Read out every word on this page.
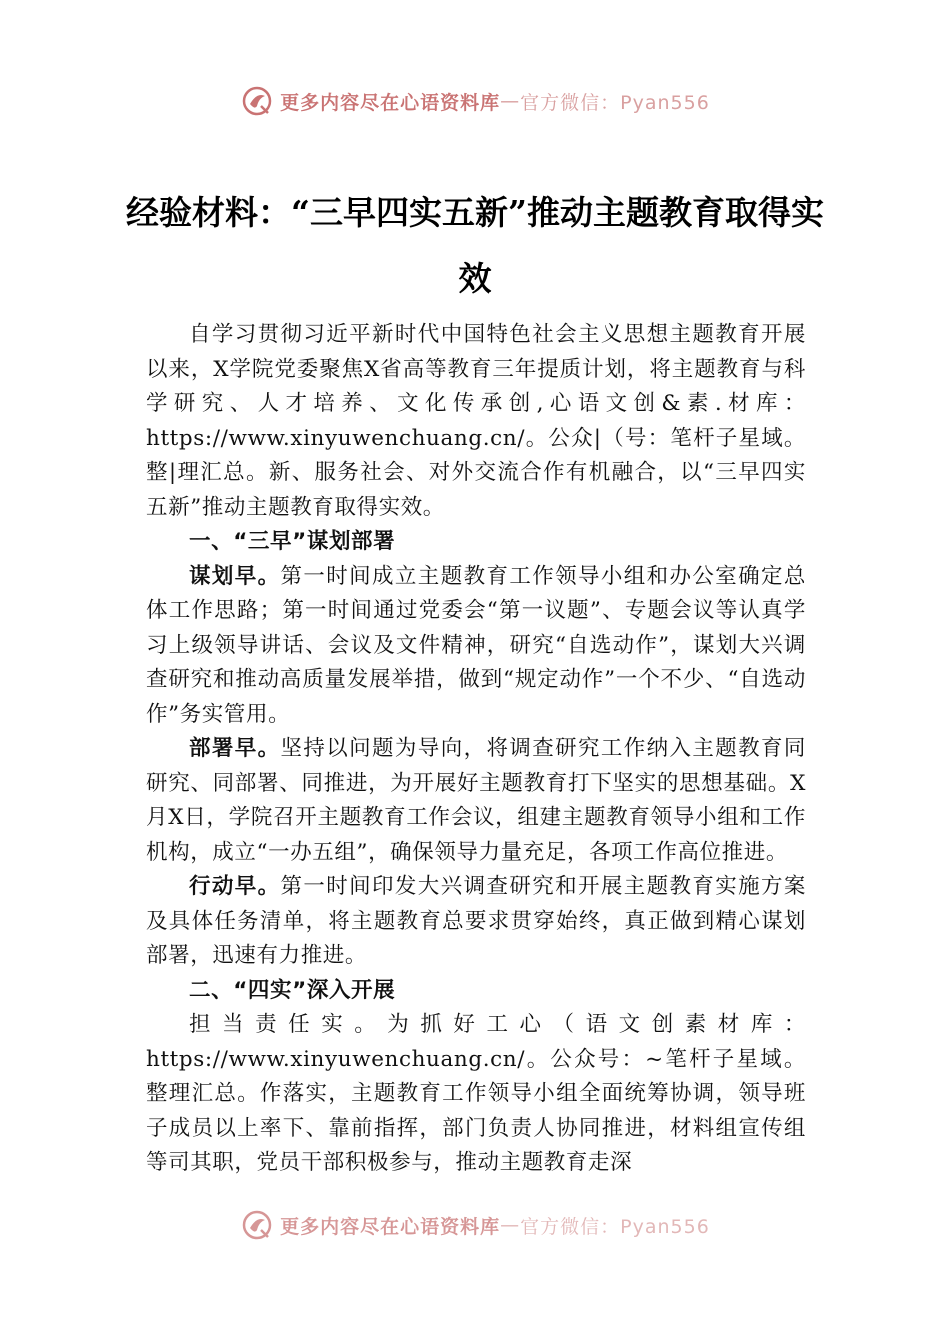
更多内容尽在心语资料库 — 官方微信：Pyan556
经验材料：“三早四实五新”推动主题教育取得实效

自学习贯彻习近平新时代中国特色社会主义思想主题教育开展以来，X学院党委聚焦X省高等教育三年提质计划，将主题教育与科学研究、人才培养、文化传承创,心语文创&素.材库：https://www.xinyuwenchuang.cn/。公众|（号：笔杆子星域。整|理汇总。新、服务社会、对外交流合作有机融合，以“三早四实五新”推动主题教育取得实效。

一、“三早”谋划部署

谋划早。第一时间成立主题教育工作领导小组和办公室确定总体工作思路；第一时间通过党委会“第一议题”、专题会议等认真学习上级领导讲话、会议及文件精神，研究“自选动作”，谋划大兴调查研究和推动高质量发展举措，做到“规定动作”一个不少、“自选动作”务实管用。

部署早。坚持以问题为导向，将调查研究工作纳入主题教育同研究、同部署、同推进，为开展好主题教育打下坚实的思想基础。X月X日，学院召开主题教育工作会议，组建主题教育领导小组和工作机构，成立“一办五组”，确保领导力量充足，各项工作高位推进。

行动早。第一时间印发大兴调查研究和开展主题教育实施方案及具体任务清单，将主题教育总要求贯穿始终，真正做到精心谋划部署，迅速有力推进。

二、“四实”深入开展

担当责任实。为抓好工心（语文创素材库：https://www.xinyuwenchuang.cn/。公众号：~笔杆子星域。整理汇总。作落实，主题教育工作领导小组全面统筹协调，领导班子成员以上率下、靠前指挥，部门负责人协同推进，材料组宣传组等司其职，党员干部积极参与，推动主题教育走深

更多内容尽在心语资料库 — 官方微信：Pyan556
